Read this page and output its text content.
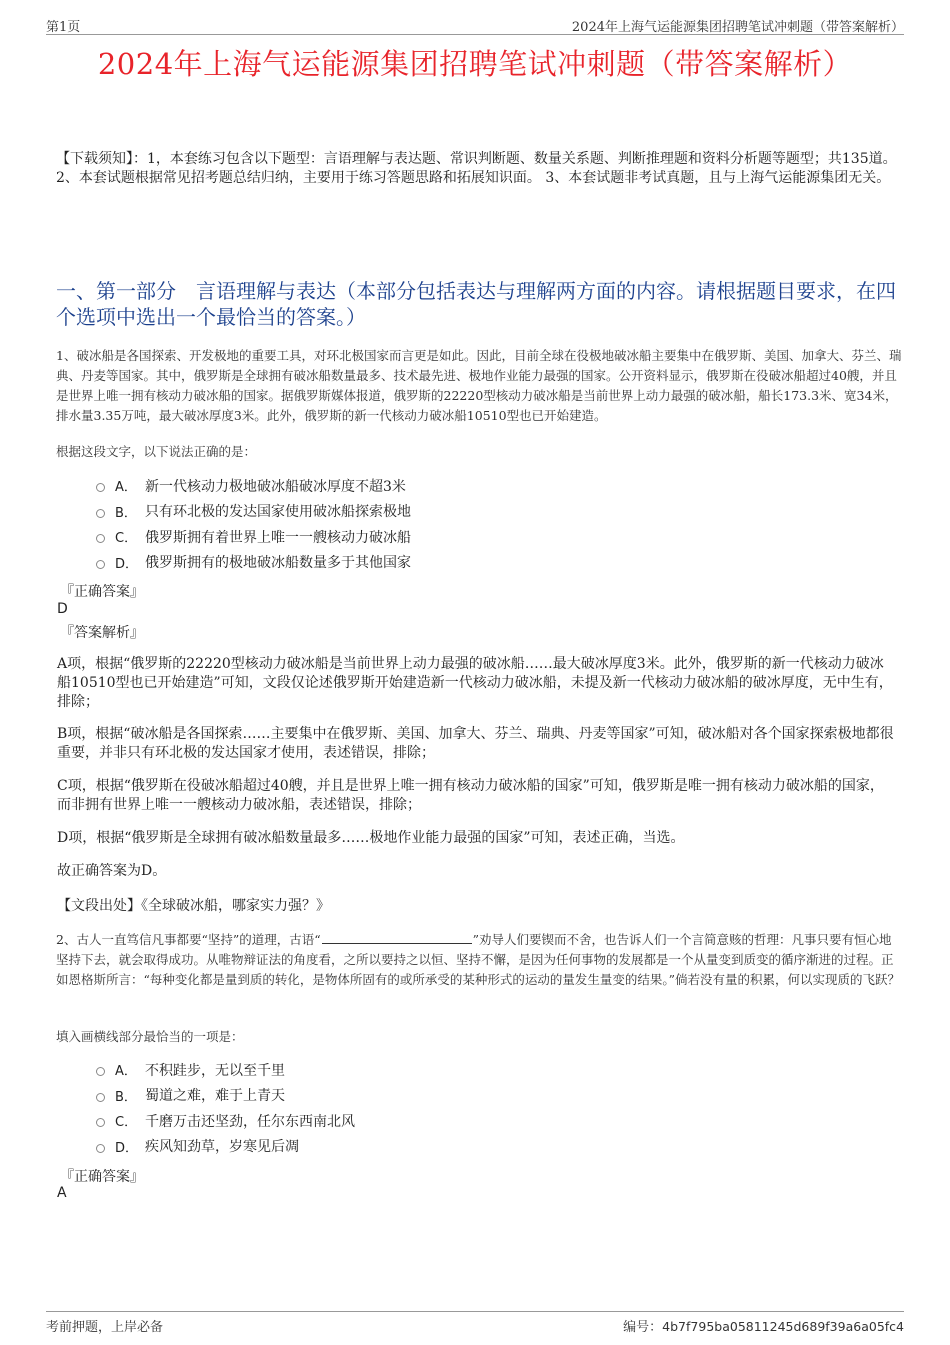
第1页	2024年上海气运能源集团招聘笔试冲刺题（带答案解析）
2024年上海气运能源集团招聘笔试冲刺题（带答案解析）
【下载须知】：1，本套练习包含以下题型：言语理解与表达题、常识判断题、数量关系题、判断推理题和资料分析题等题型；共135道。 2、本套试题根据常见招考题总结归纳，主要用于练习答题思路和拓展知识面。 3、本套试题非考试真题，且与上海气运能源集团无关。
一、第一部分　言语理解与表达（本部分包括表达与理解两方面的内容。请根据题目要求，在四个选项中选出一个最恰当的答案。）
1、破冰船是各国探索、开发极地的重要工具，对环北极国家而言更是如此。因此，目前全球在役极地破冰船主要集中在俄罗斯、美国、加拿大、芬兰、瑞典、丹麦等国家。其中，俄罗斯是全球拥有破冰船数量最多、技术最先进、极地作业能力最强的国家。公开资料显示，俄罗斯在役破冰船超过40艘，并且是世界上唯一拥有核动力破冰船的国家。据俄罗斯媒体报道，俄罗斯的22220型核动力破冰船是当前世界上动力最强的破冰船，船长173.3米、宽34米，排水量3.35万吨，最大破冰厚度3米。此外，俄罗斯的新一代核动力破冰船10510型也已开始建造。
根据这段文字，以下说法正确的是：
A． 新一代核动力极地破冰船破冰厚度不超3米
B． 只有环北极的发达国家使用破冰船探索极地
C． 俄罗斯拥有着世界上唯一一艘核动力破冰船
D． 俄罗斯拥有的极地破冰船数量多于其他国家
『正确答案』
D
『答案解析』
A项，根据“俄罗斯的22220型核动力破冰船是当前世界上动力最强的破冰船……最大破冰厚度3米。此外，俄罗斯的新一代核动力破冰船10510型也已开始建造”可知，文段仅论述俄罗斯开始建造新一代核动力破冰船，未提及新一代核动力破冰船的破冰厚度，无中生有，排除；
B项，根据“破冰船是各国探索……主要集中在俄罗斯、美国、加拿大、芬兰、瑞典、丹麦等国家”可知，破冰船对各个国家探索极地都很重要，并非只有环北极的发达国家才使用，表述错误，排除；
C项，根据“俄罗斯在役破冰船超过40艘，并且是世界上唯一拥有核动力破冰船的国家”可知，俄罗斯是唯一拥有核动力破冰船的国家，而非拥有世界上唯一一艘核动力破冰船，表述错误，排除；
D项，根据“俄罗斯是全球拥有破冰船数量最多……极地作业能力最强的国家”可知，表述正确，当选。
故正确答案为D。
【文段出处】《全球破冰船，哪家实力强？》
2、古人一直笃信凡事都要“坚持”的道理，古语“	”劝导人们要锲而不舍，也告诉人们一个言简意赅的哲理：凡事只要有恒心地坚持下去，就会取得成功。从唯物辩证法的角度看，之所以要持之以恒、坚持不懈，是因为任何事物的发展都是一个从量变到质变的循序渐进的过程。正如恩格斯所言：“每种变化都是量到质的转化，是物体所固有的或所承受的某种形式的运动的量发生量变的结果。”倘若没有量的积累，何以实现质的飞跃？
填入画横线部分最恰当的一项是：
A． 不积跬步，无以至千里
B． 蜀道之难，难于上青天
C． 千磨万击还坚劲，任尔东西南北风
D． 疾风知劲草，岁寒见后凋
『正确答案』
A
考前押题，上岸必备	编号：4b7f795ba05811245d689f39a6a05fc4
